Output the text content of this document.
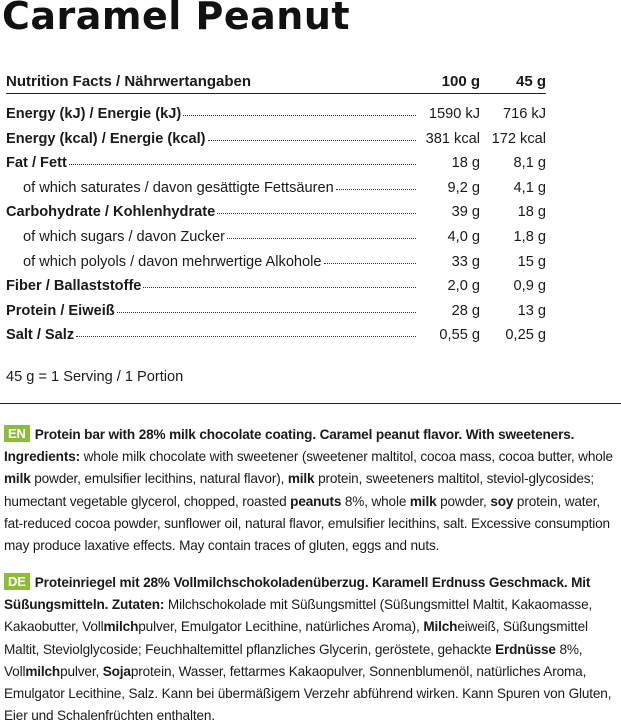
Caramel Peanut
Nutrition Facts / Nährwertangaben	100 g	45 g
Energy (kJ) / Energie (kJ)	1590 kJ	716 kJ
Energy (kcal) / Energie (kcal)	381 kcal 172 kcal
Fat / Fett	18 g	8,1 g
of which saturates / davon gesättigte Fettsäuren	9,2 g	4,1 g
Carbohydrate / Kohlenhydrate	39 g	18 g
of which sugars / davon Zucker	4,0 g	1,8 g
of which polyols / davon mehrwertige Alkohole	33 g	15 g
Fiber / Ballaststoffe	2,0 g	0,9 g
Protein / Eiweiß	28 g	13 g
Salt / Salz	0,55 g	0,25 g
45 g = 1 Serving / 1 Portion
EN Protein bar with 28% milk chocolate coating. Caramel peanut flavor. With sweeteners. Ingredients: whole milk chocolate with sweetener (sweetener maltitol, cocoa mass, cocoa butter, whole milk powder, emulsifier lecithins, natural flavor), milk protein, sweeteners maltitol, steviol-glycosides; humectant vegetable glycerol, chopped, roasted peanuts 8%, whole milk powder, soy protein, water, fat-reduced cocoa powder, sunflower oil, natural flavor, emulsifier lecithins, salt. Excessive consumption may produce laxative effects. May contain traces of gluten, eggs and nuts.
DE Proteinriegel mit 28% Vollmilchschokoladenüberzug. Karamell Erdnuss Geschmack. Mit Süßungsmitteln. Zutaten: Milchschokolade mit Süßungsmittel (Süßungsmittel Maltit, Kakaomasse, Kakaobutter, Vollmilchpulver, Emulgator Lecithine, natürliches Aroma), Milcheiweiß, Süßungsmittel Maltit, Steviolglycoside; Feuchhaltemittel pflanzliches Glycerin, geröstete, gehackte Erdnüsse 8%, Vollmilchpulver, Sojaprotein, Wasser, fettarmes Kakaopulver, Sonnenblumenöl, natürliches Aroma, Emulgator Lecithine, Salz. Kann bei übermäßigem Verzehr abführend wirken. Kann Spuren von Gluten, Eier und Schalenfrüchten enthalten.
